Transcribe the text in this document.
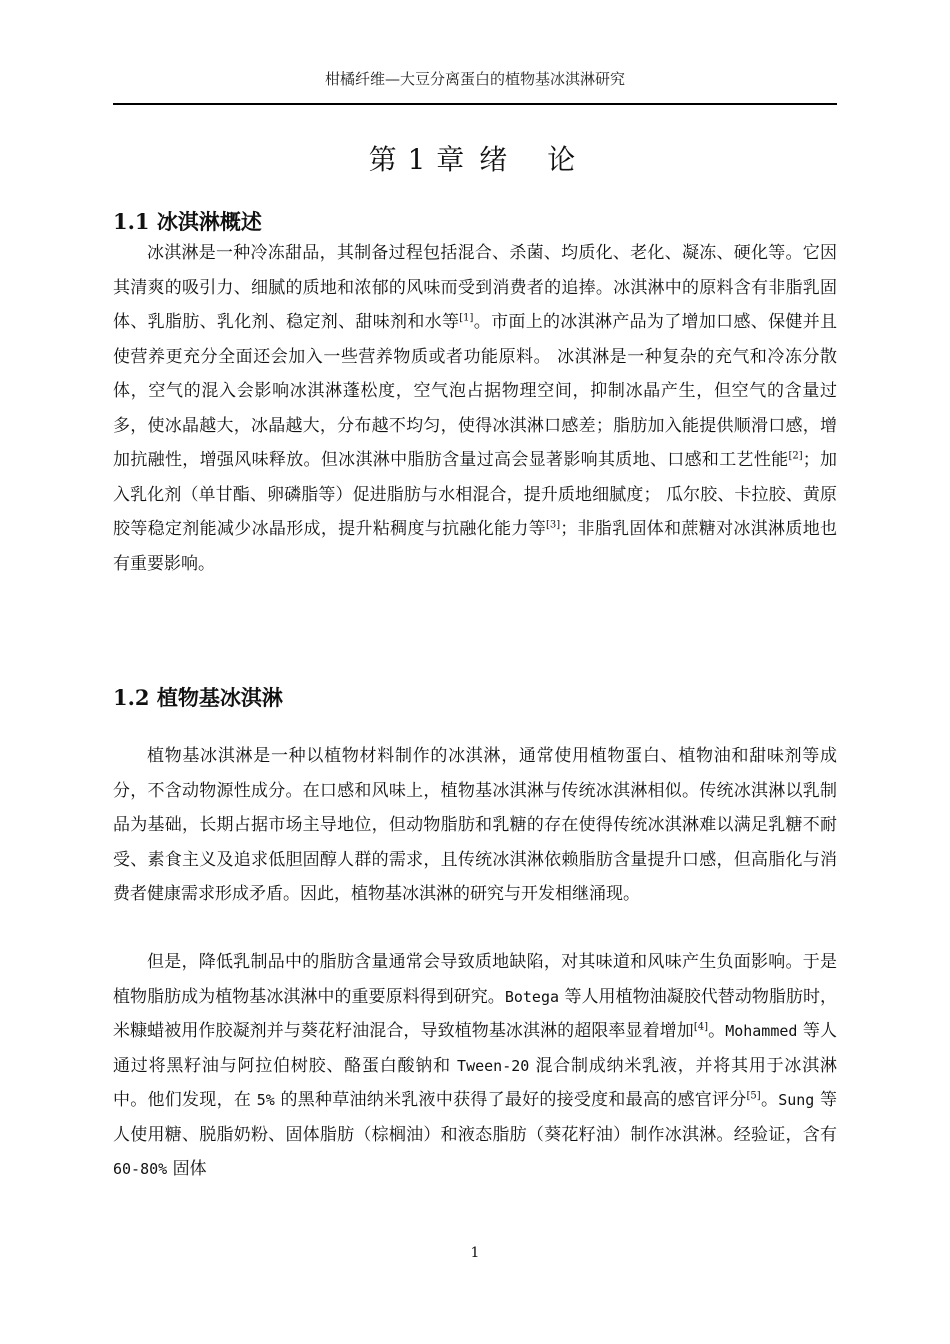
柑橘纤维—大豆分离蛋白的植物基冰淇淋研究
第 1 章 绪　论
1.1 冰淇淋概述

冰淇淋是一种冷冻甜品，其制备过程包括混合、杀菌、均质化、老化、凝冻、硬化等。它因其清爽的吸引力、细腻的质地和浓郁的风味而受到消费者的追捧。冰淇淋中的原料含有非脂乳固体、乳脂肪、乳化剂、稳定剂、甜味剂和水等[1]。市面上的冰淇淋产品为了增加口感、保健并且使营养更充分全面还会加入一些营养物质或者功能原料。 冰淇淋是一种复杂的充气和冷冻分散体，空气的混入会影响冰淇淋蓬松度，空气泡占据物理空间，抑制冰晶产生，但空气的含量过多，使冰晶越大，冰晶越大，分布越不均匀，使得冰淇淋口感差；脂肪加入能提供顺滑口感，增加抗融性，增强风味释放。但冰淇淋中脂肪含量过高会显著影响其质地、口感和工艺性能[2]；加入乳化剂（单甘酯、卵磷脂等）促进脂肪与水相混合，提升质地细腻度； 瓜尔胶、卡拉胶、黄原胶等稳定剂能减少冰晶形成，提升粘稠度与抗融化能力等[3]；非脂乳固体和蔗糖对冰淇淋质地也有重要影响。

1.2 植物基冰淇淋

植物基冰淇淋是一种以植物材料制作的冰淇淋，通常使用植物蛋白、植物油和甜味剂等成分，不含动物源性成分。在口感和风味上，植物基冰淇淋与传统冰淇淋相似。传统冰淇淋以乳制品为基础，长期占据市场主导地位，但动物脂肪和乳糖的存在使得传统冰淇淋难以满足乳糖不耐受、素食主义及追求低胆固醇人群的需求，且传统冰淇淋依赖脂肪含量提升口感，但高脂化与消费者健康需求形成矛盾。因此，植物基冰淇淋的研究与开发相继涌现。

但是，降低乳制品中的脂肪含量通常会导致质地缺陷，对其味道和风味产生负面影响。于是植物脂肪成为植物基冰淇淋中的重要原料得到研究。Botega 等人用植物油凝胶代替动物脂肪时，米糠蜡被用作胶凝剂并与葵花籽油混合，导致植物基冰淇淋的超限率显着增加[4]。Mohammed 等人通过将黑籽油与阿拉伯树胶、酪蛋白酸钠和 Tween-20 混合制成纳米乳液，并将其用于冰淇淋中。他们发现，在 5% 的黑种草油纳米乳液中获得了最好的接受度和最高的感官评分[5]。Sung 等人使用糖、脱脂奶粉、固体脂肪（棕榈油）和液态脂肪（葵花籽油）制作冰淇淋。经验证，含有 60-80% 固体

1
